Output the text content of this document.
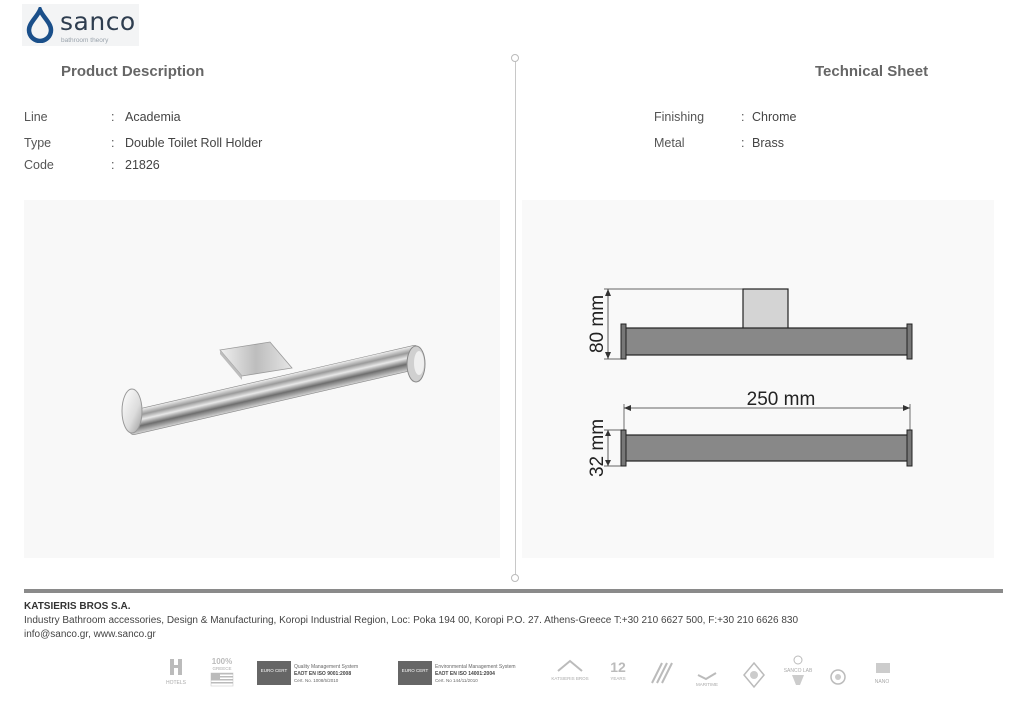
sanco
bathroom theory
Product Description	Technical Sheet
Line	: Academia
Type	: Double Toilet Roll Holder
Code	: 21826
Finishing	: Chrome
Metal	: Brass
80 mm
250 mm
32 mm
KATSIERIS BROS S.A.
Industry Bathroom accessories, Design & Manufacturing, Koropi Industrial Region, Loc: Poka 194 00, Koropi P.O. 27. Athens-Greece T:+30 210 6627 500, F:+30 210 6626 830
info@sanco.gr, www.sanco.gr
HOTELS
100%
GREECE	EURO CERT
Quality Management System
ΕΛΟΤ ΕΝ ISO 9001:2008
Cert. No. 1008/5/2010
EURO CERT
Environmental Management System
ΕΛΟΤ ΕΝ ISO 14001:2004
Cert. No 144/11/2010	KATSIERIS BROS
12
YEARS
MARITIME
SANCO LAB
NANO
